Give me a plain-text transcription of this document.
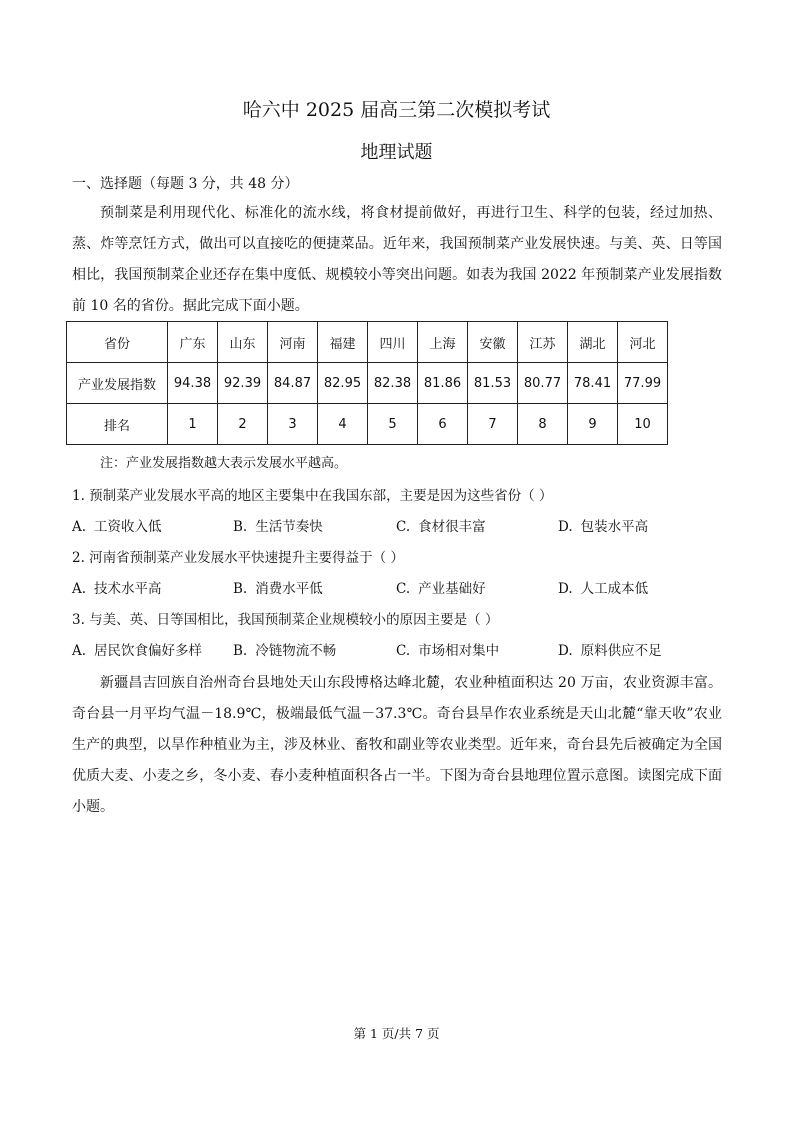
哈六中 2025 届高三第二次模拟考试
地理试题
一、选择题（每题 3 分，共 48 分）
预制菜是利用现代化、标准化的流水线，将食材提前做好，再进行卫生、科学的包装，经过加热、蒸、炸等烹饪方式，做出可以直接吃的便捷菜品。近年来，我国预制菜产业发展快速。与美、英、日等国相比，我国预制菜企业还存在集中度低、规模较小等突出问题。如表为我国 2022 年预制菜产业发展指数前 10 名的省份。据此完成下面小题。
省份	广东	山东	河南	福建	四川	上海	安徽	江苏	湖北	河北
产业发展指数	94.38	92.39	84.87	82.95	82.38	81.86	81.53	80.77	78.41	77.99
排名	1	2	3	4	5	6	7	8	9	10
注：产业发展指数越大表示发展水平越高。
1. 预制菜产业发展水平高的地区主要集中在我国东部，主要是因为这些省份（ ）
A. 工资收入低	B. 生活节奏快	C. 食材很丰富	D. 包装水平高
2. 河南省预制菜产业发展水平快速提升主要得益于（ ）
A. 技术水平高	B. 消费水平低	C. 产业基础好	D. 人工成本低
3. 与美、英、日等国相比，我国预制菜企业规模较小的原因主要是（ ）
A. 居民饮食偏好多样 B. 冷链物流不畅	C. 市场相对集中	D. 原料供应不足
新疆昌吉回族自治州奇台县地处天山东段博格达峰北麓，农业种植面积达 20 万亩，农业资源丰富。奇台县一月平均气温－18.9℃，极端最低气温－37.3℃。奇台县旱作农业系统是天山北麓“靠天收”农业生产的典型，以旱作种植业为主，涉及林业、畜牧和副业等农业类型。近年来，奇台县先后被确定为全国优质大麦、小麦之乡，冬小麦、春小麦种植面积各占一半。下图为奇台县地理位置示意图。读图完成下面小题。
第 1 页/共 7 页
